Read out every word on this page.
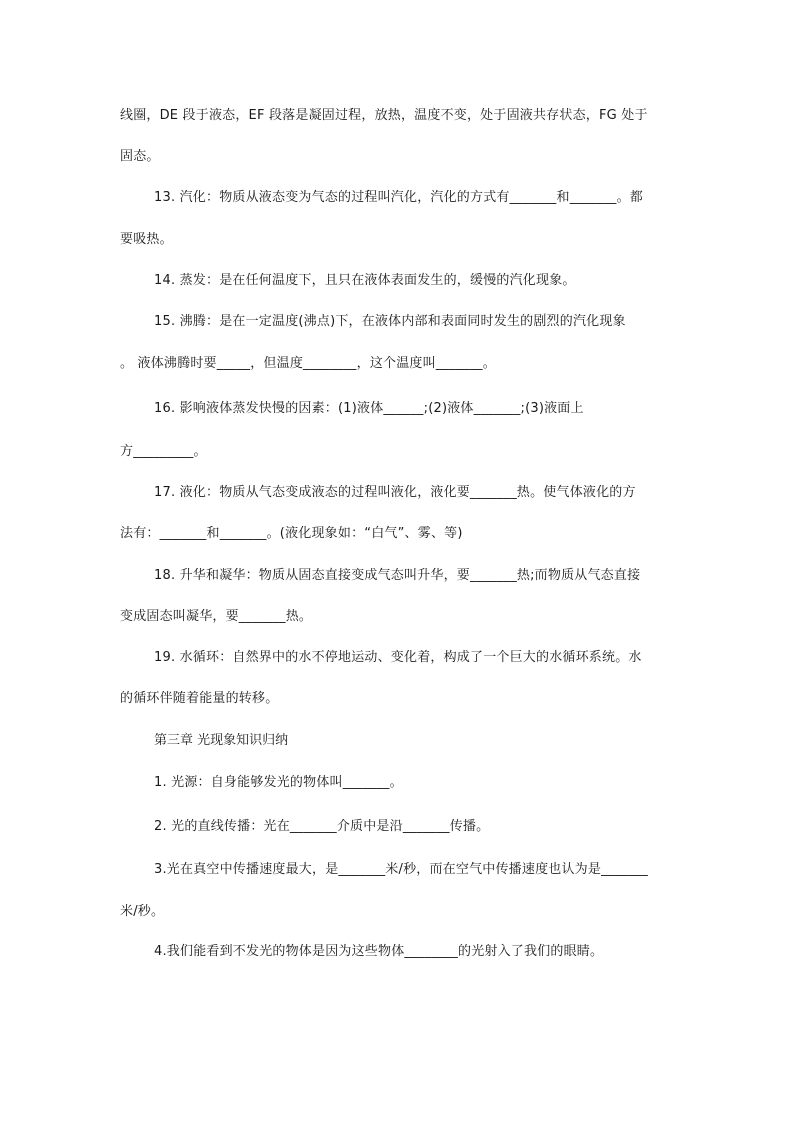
线圈，DE 段于液态，EF 段落是凝固过程，放热，温度不变，处于固液共存状态，FG 处于
固态。
13. 汽化：物质从液态变为气态的过程叫汽化，汽化的方式有_______和_______。都
要吸热。
14. 蒸发：是在任何温度下，且只在液体表面发生的，缓慢的汽化现象。
15. 沸腾：是在一定温度(沸点)下，在液体内部和表面同时发生的剧烈的汽化现象
。 液体沸腾时要_____，但温度________，这个温度叫_______。
16. 影响液体蒸发快慢的因素：(1)液体______;(2)液体_______;(3)液面上
方_________。
17. 液化：物质从气态变成液态的过程叫液化，液化要_______热。使气体液化的方
法有：_______和_______。(液化现象如：“白气”、雾、等)
18. 升华和凝华：物质从固态直接变成气态叫升华，要_______热;而物质从气态直接
变成固态叫凝华，要_______热。
19. 水循环：自然界中的水不停地运动、变化着，构成了一个巨大的水循环系统。水
的循环伴随着能量的转移。
第三章 光现象知识归纳
1. 光源：自身能够发光的物体叫_______。
2. 光的直线传播：光在_______介质中是沿_______传播。
3.光在真空中传播速度最大，是_______米/秒，而在空气中传播速度也认为是_______
米/秒。
4.我们能看到不发光的物体是因为这些物体________的光射入了我们的眼睛。
